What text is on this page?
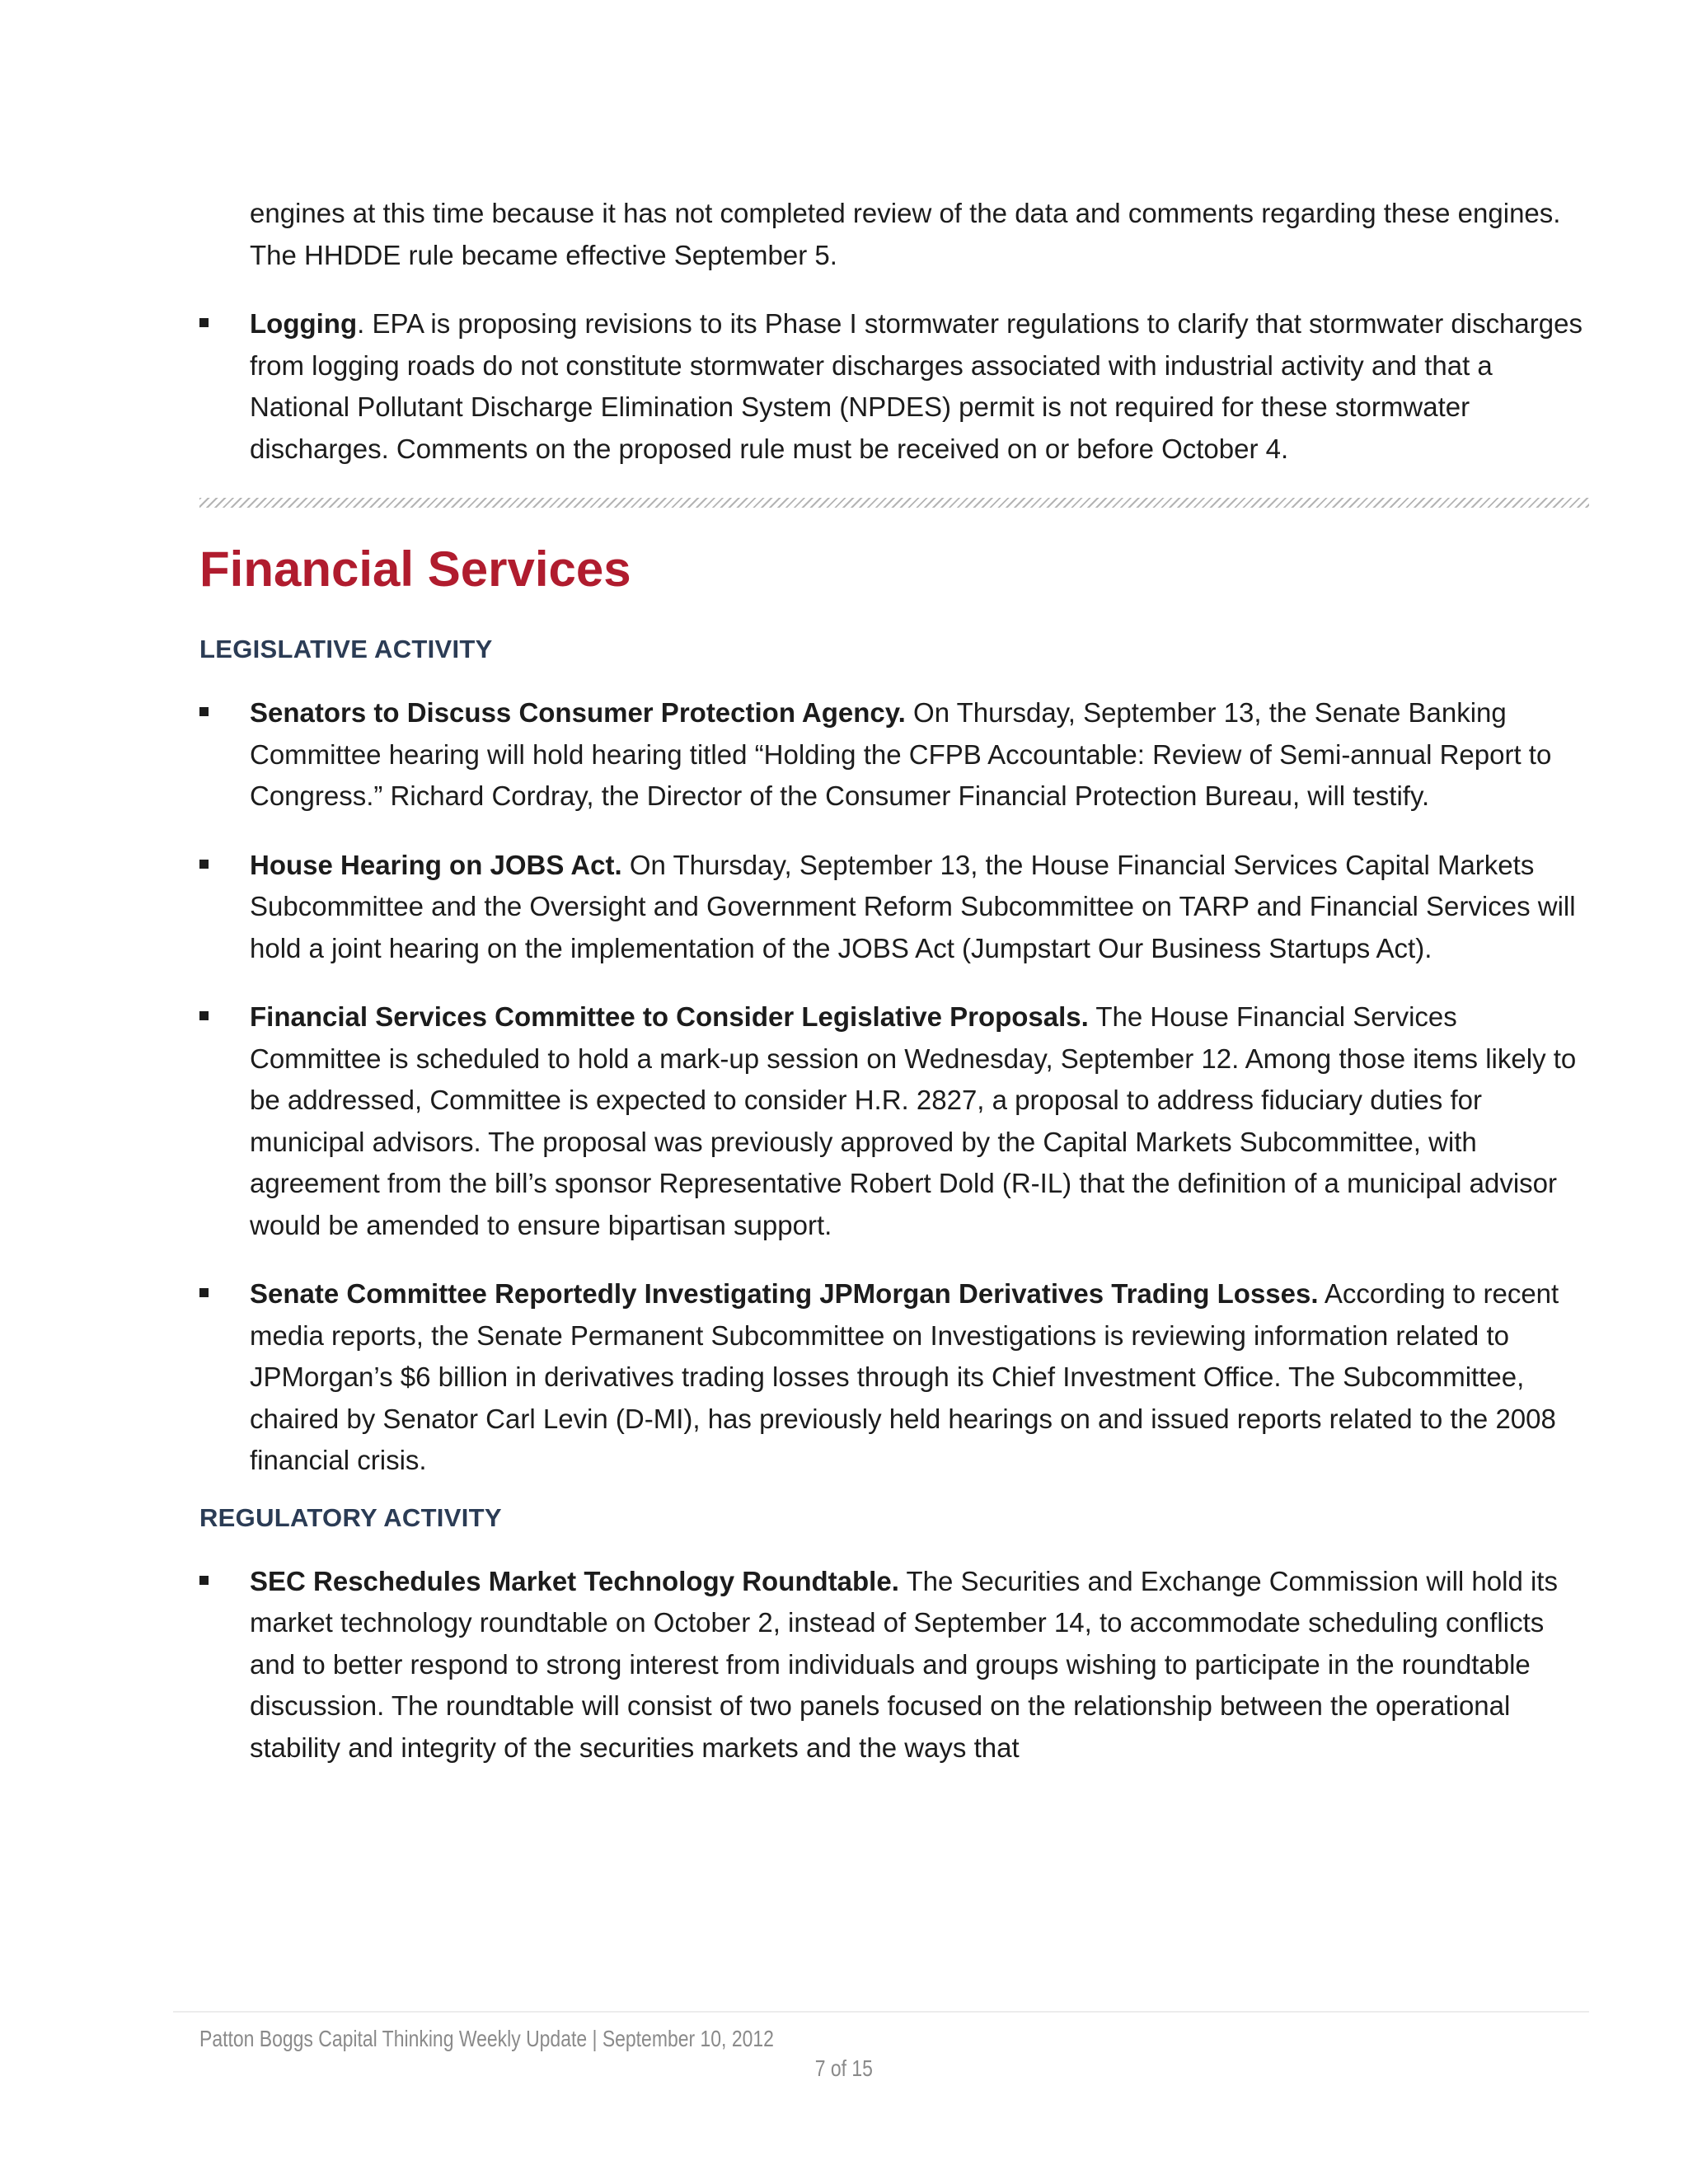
engines at this time because it has not completed review of the data and comments regarding these engines. The HHDDE rule became effective September 5.

Logging. EPA is proposing revisions to its Phase I stormwater regulations to clarify that stormwater discharges from logging roads do not constitute stormwater discharges associated with industrial activity and that a National Pollutant Discharge Elimination System (NPDES) permit is not required for these stormwater discharges. Comments on the proposed rule must be received on or before October 4.
Financial Services
LEGISLATIVE ACTIVITY
Senators to Discuss Consumer Protection Agency. On Thursday, September 13, the Senate Banking Committee hearing will hold hearing titled “Holding the CFPB Accountable: Review of Semi-annual Report to Congress.” Richard Cordray, the Director of the Consumer Financial Protection Bureau, will testify.
House Hearing on JOBS Act. On Thursday, September 13, the House Financial Services Capital Markets Subcommittee and the Oversight and Government Reform Subcommittee on TARP and Financial Services will hold a joint hearing on the implementation of the JOBS Act (Jumpstart Our Business Startups Act).
Financial Services Committee to Consider Legislative Proposals. The House Financial Services Committee is scheduled to hold a mark-up session on Wednesday, September 12. Among those items likely to be addressed, Committee is expected to consider H.R. 2827, a proposal to address fiduciary duties for municipal advisors. The proposal was previously approved by the Capital Markets Subcommittee, with agreement from the bill’s sponsor Representative Robert Dold (R-IL) that the definition of a municipal advisor would be amended to ensure bipartisan support.
Senate Committee Reportedly Investigating JPMorgan Derivatives Trading Losses. According to recent media reports, the Senate Permanent Subcommittee on Investigations is reviewing information related to JPMorgan’s $6 billion in derivatives trading losses through its Chief Investment Office. The Subcommittee, chaired by Senator Carl Levin (D-MI), has previously held hearings on and issued reports related to the 2008 financial crisis.
REGULATORY ACTIVITY
SEC Reschedules Market Technology Roundtable. The Securities and Exchange Commission will hold its market technology roundtable on October 2, instead of September 14, to accommodate scheduling conflicts and to better respond to strong interest from individuals and groups wishing to participate in the roundtable discussion. The roundtable will consist of two panels focused on the relationship between the operational stability and integrity of the securities markets and the ways that
Patton Boggs Capital Thinking Weekly Update | September 10, 2012
7 of 15
